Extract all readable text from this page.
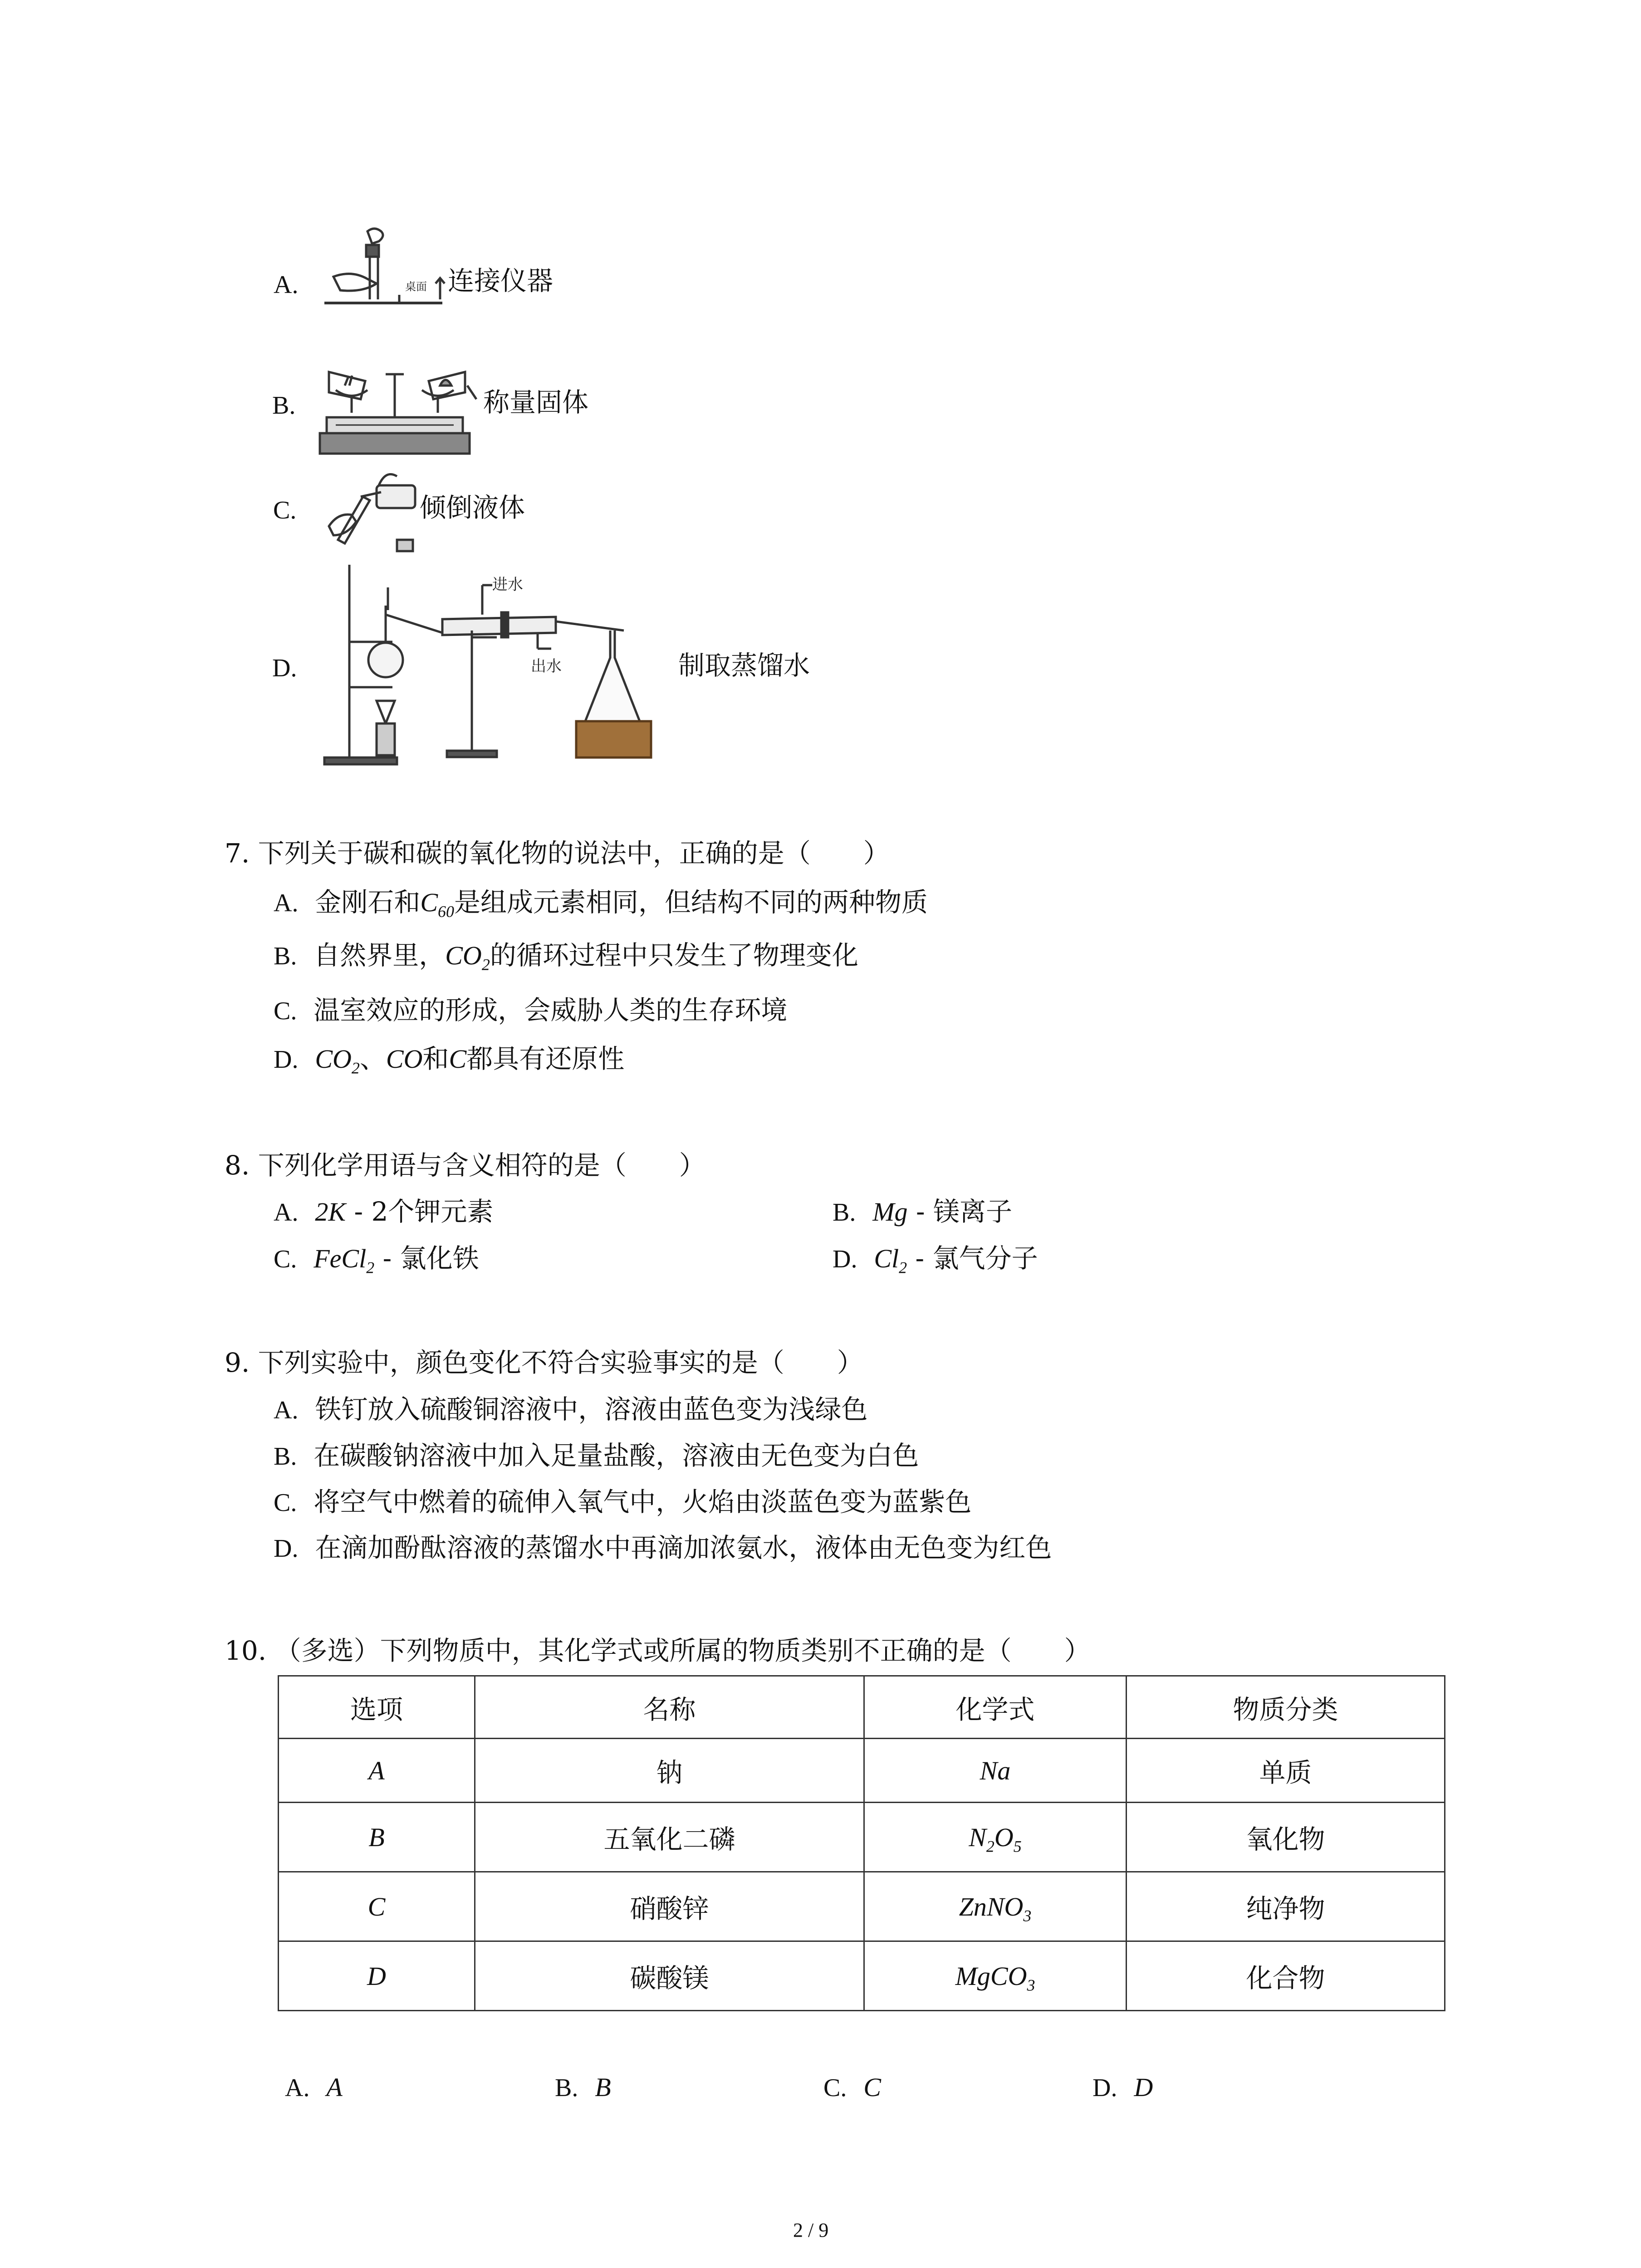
A.	桌面 连接仪器
B.	称量固体
C.	倾倒液体
D.
进水
出水	制取蒸馏水
7. 下列关于碳和碳的氧化物的说法中，正确的是（　　）
A. 金刚石和$C_{60}$是组成元素相同，但结构不同的两种物质
B. 自然界里，$CO_2$的循环过程中只发生了物理变化
C. 温室效应的形成，会威胁人类的生存环境
D. $CO_2$、CO和C都具有还原性
8. 下列化学用语与含义相符的是（　　）
A. 2K - 2个钾元素	B. Mg - 镁离子
C. FeCl$_2$ - 氯化铁	D. $Cl_2$ - 氯气分子
9. 下列实验中，颜色变化不符合实验事实的是（　　）
A. 铁钉放入硫酸铜溶液中，溶液由蓝色变为浅绿色
B. 在碳酸钠溶液中加入足量盐酸，溶液由无色变为白色
C. 将空气中燃着的硫伸入氧气中，火焰由淡蓝色变为蓝紫色
D. 在滴加酚酞溶液的蒸馏水中再滴加浓氨水，液体由无色变为红色
10. （多选）下列物质中，其化学式或所属的物质类别不正确的是（　　）
选项	名称	化学式	物质分类
A	钠	Na	单质
B	五氧化二磷	$N_2O_5$	氧化物
C	硝酸锌	ZnNO$_3$	纯净物
D	碳酸镁	MgCO$_3$	化合物
A. A	B. B	C. C	D. D
2 / 9
